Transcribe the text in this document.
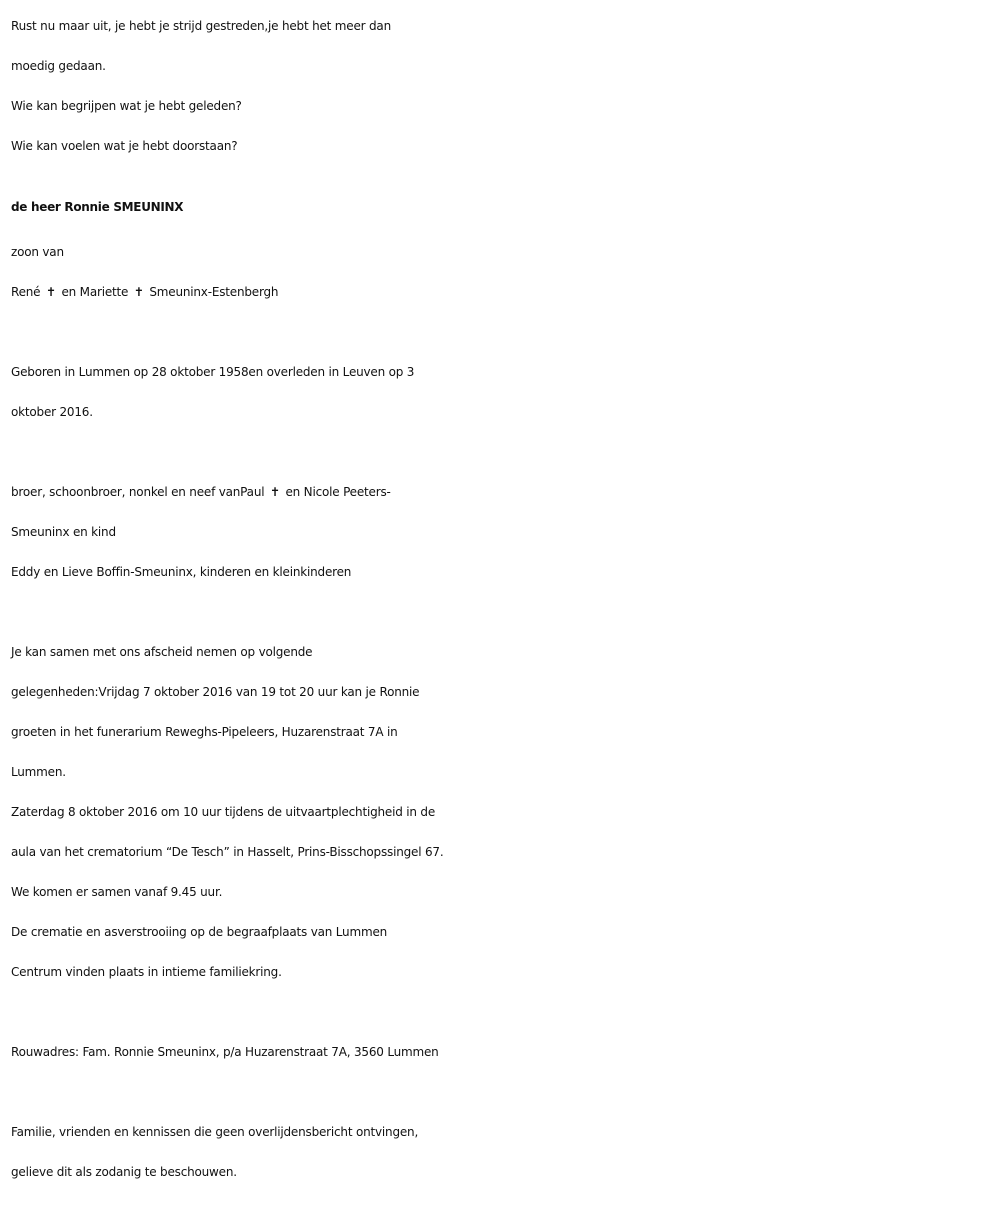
Rust nu maar uit, je hebt je strijd gestreden,je hebt het meer dan
moedig gedaan.
Wie kan begrijpen wat je hebt geleden?
Wie kan voelen wat je hebt doorstaan?
de heer Ronnie SMEUNINX
zoon van
René ✝ en Mariette ✝ Smeuninx-Estenbergh
Geboren in Lummen op 28 oktober 1958en overleden in Leuven op 3
oktober 2016.
broer, schoonbroer, nonkel en neef vanPaul ✝ en Nicole Peeters-
Smeuninx en kind
Eddy en Lieve Boffin-Smeuninx, kinderen en kleinkinderen
Je kan samen met ons afscheid nemen op volgende
gelegenheden:Vrijdag 7 oktober 2016 van 19 tot 20 uur kan je Ronnie
groeten in het funerarium Reweghs-Pipeleers, Huzarenstraat 7A in
Lummen.
Zaterdag 8 oktober 2016 om 10 uur tijdens de uitvaartplechtigheid in de
aula van het crematorium “De Tesch” in Hasselt, Prins-Bisschopssingel 67.
We komen er samen vanaf 9.45 uur.
De crematie en asverstrooiing op de begraafplaats van Lummen
Centrum vinden plaats in intieme familiekring.
Rouwadres: Fam. Ronnie Smeuninx, p/a Huzarenstraat 7A, 3560 Lummen
Familie, vrienden en kennissen die geen overlijdensbericht ontvingen,
gelieve dit als zodanig te beschouwen.
